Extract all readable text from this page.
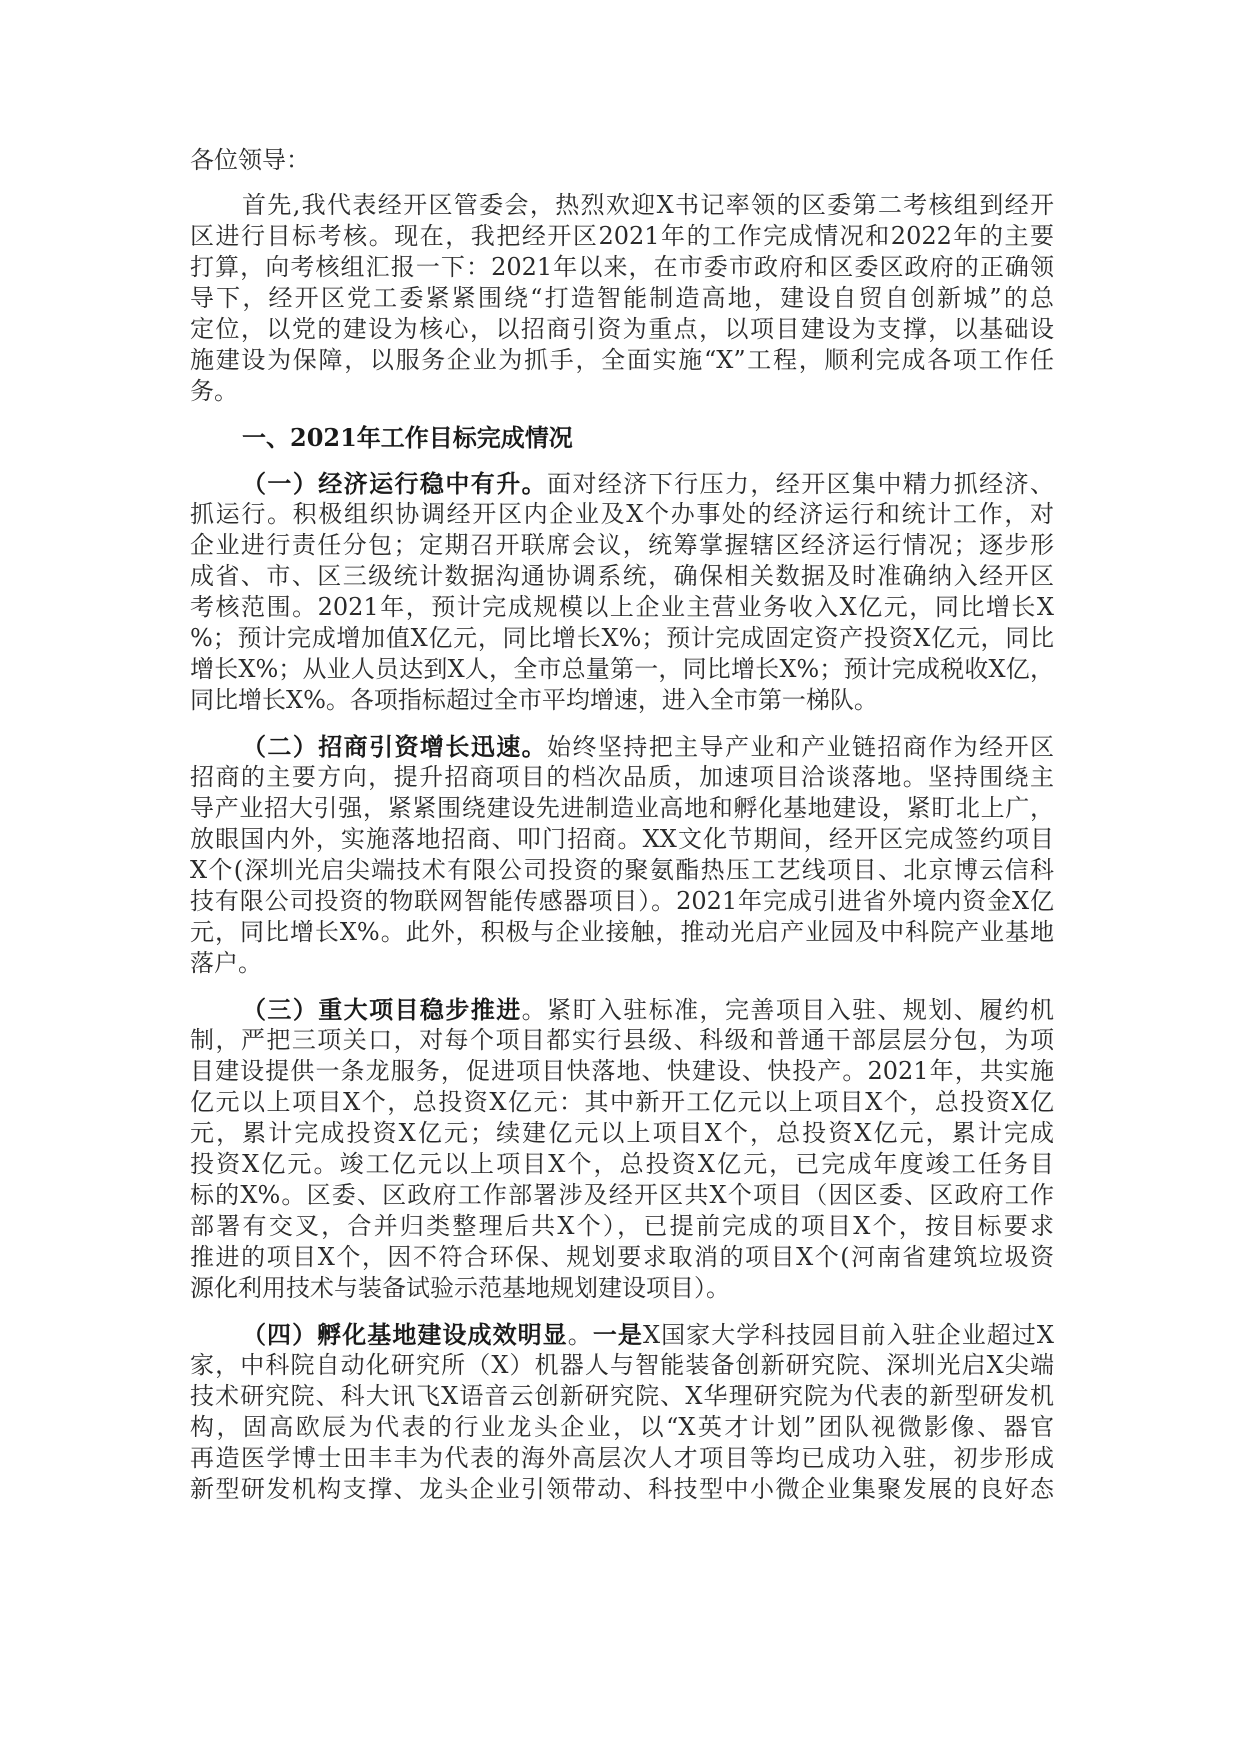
各位领导：
首先,我代表经开区管委会，热烈欢迎X书记率领的区委第二考核组到经开
区进行目标考核。现在，我把经开区2021年的工作完成情况和2022年的主要
打算，向考核组汇报一下：2021年以来，在市委市政府和区委区政府的正确领
导下，经开区党工委紧紧围绕“打造智能制造高地，建设自贸自创新城”的总
定位，以党的建设为核心，以招商引资为重点，以项目建设为支撑，以基础设
施建设为保障，以服务企业为抓手，全面实施“X”工程，顺利完成各项工作任
务。
一、2021年工作目标完成情况
（一）经济运行稳中有升。面对经济下行压力，经开区集中精力抓经济、
抓运行。积极组织协调经开区内企业及X个办事处的经济运行和统计工作，对
企业进行责任分包；定期召开联席会议，统筹掌握辖区经济运行情况；逐步形
成省、市、区三级统计数据沟通协调系统，确保相关数据及时准确纳入经开区
考核范围。2021年，预计完成规模以上企业主营业务收入X亿元，同比增长X
%；预计完成增加值X亿元，同比增长X%；预计完成固定资产投资X亿元，同比
增长X%；从业人员达到X人，全市总量第一，同比增长X%；预计完成税收X亿，
同比增长X%。各项指标超过全市平均增速，进入全市第一梯队。
（二）招商引资增长迅速。始终坚持把主导产业和产业链招商作为经开区
招商的主要方向，提升招商项目的档次品质，加速项目洽谈落地。坚持围绕主
导产业招大引强，紧紧围绕建设先进制造业高地和孵化基地建设，紧盯北上广，
放眼国内外，实施落地招商、叩门招商。XX文化节期间，经开区完成签约项目
X个(深圳光启尖端技术有限公司投资的聚氨酯热压工艺线项目、北京博云信科
技有限公司投资的物联网智能传感器项目）。2021年完成引进省外境内资金X亿
元，同比增长X%。此外，积极与企业接触，推动光启产业园及中科院产业基地
落户。
（三）重大项目稳步推进。紧盯入驻标准，完善项目入驻、规划、履约机
制，严把三项关口，对每个项目都实行县级、科级和普通干部层层分包，为项
目建设提供一条龙服务，促进项目快落地、快建设、快投产。2021年，共实施
亿元以上项目X个，总投资X亿元：其中新开工亿元以上项目X个，总投资X亿
元，累计完成投资X亿元；续建亿元以上项目X个，总投资X亿元，累计完成
投资X亿元。竣工亿元以上项目X个，总投资X亿元，已完成年度竣工任务目
标的X%。区委、区政府工作部署涉及经开区共X个项目（因区委、区政府工作
部署有交叉，合并归类整理后共X个），已提前完成的项目X个，按目标要求
推进的项目X个，因不符合环保、规划要求取消的项目X个(河南省建筑垃圾资
源化利用技术与装备试验示范基地规划建设项目）。
（四）孵化基地建设成效明显。一是X国家大学科技园目前入驻企业超过X
家，中科院自动化研究所（X）机器人与智能装备创新研究院、深圳光启X尖端
技术研究院、科大讯飞X语音云创新研究院、X华理研究院为代表的新型研发机
构，固高欧辰为代表的行业龙头企业，以“X英才计划”团队视微影像、器官
再造医学博士田丰丰为代表的海外高层次人才项目等均已成功入驻，初步形成
新型研发机构支撑、龙头企业引领带动、科技型中小微企业集聚发展的良好态
